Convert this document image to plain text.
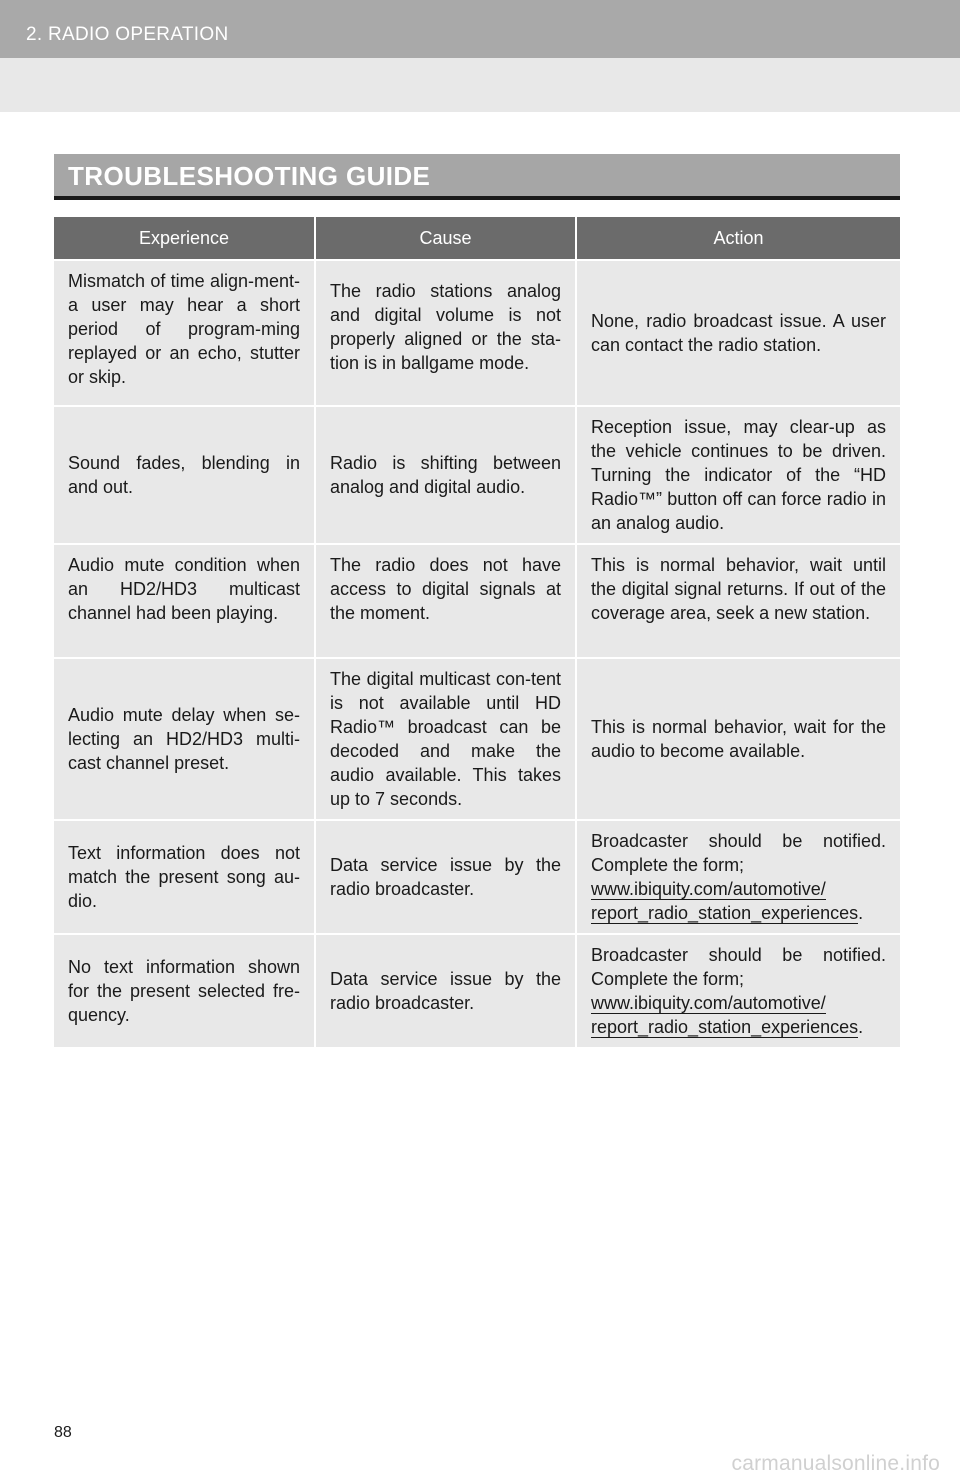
2. RADIO OPERATION
TROUBLESHOOTING GUIDE
Experience	Cause	Action
Mismatch of time align-ment- a user may hear a short period of program-ming replayed or an echo, stutter or skip.	The radio stations analog and digital volume is not properly aligned or the sta-tion is in ballgame mode.	None, radio broadcast issue. A user can contact the radio station.
Sound fades, blending in and out.	Radio is shifting between analog and digital audio.	Reception issue, may clear-up as the vehicle continues to be driven. Turning the indicator of the “HD Radio™” button off can force radio in an analog audio.
Audio mute condition when an HD2/HD3 multicast channel had been playing.	The radio does not have access to digital signals at the moment.	This is normal behavior, wait until the digital signal returns. If out of the coverage area, seek a new station.
Audio mute delay when se-lecting an HD2/HD3 multi-cast channel preset.	The digital multicast con-tent is not available until HD Radio™ broadcast can be decoded and make the audio available. This takes up to 7 seconds.	This is normal behavior, wait for the audio to become available.
Text information does not match the present song au-dio.	Data service issue by the radio broadcaster.	Broadcaster should be notified. Complete the form;
www.ibiquity.com/automotive/
report_radio_station_experiences.
No text information shown for the present selected fre-quency.	Data service issue by the radio broadcaster.	Broadcaster should be notified. Complete the form;
www.ibiquity.com/automotive/
report_radio_station_experiences.
88
carmanualsonline.info
